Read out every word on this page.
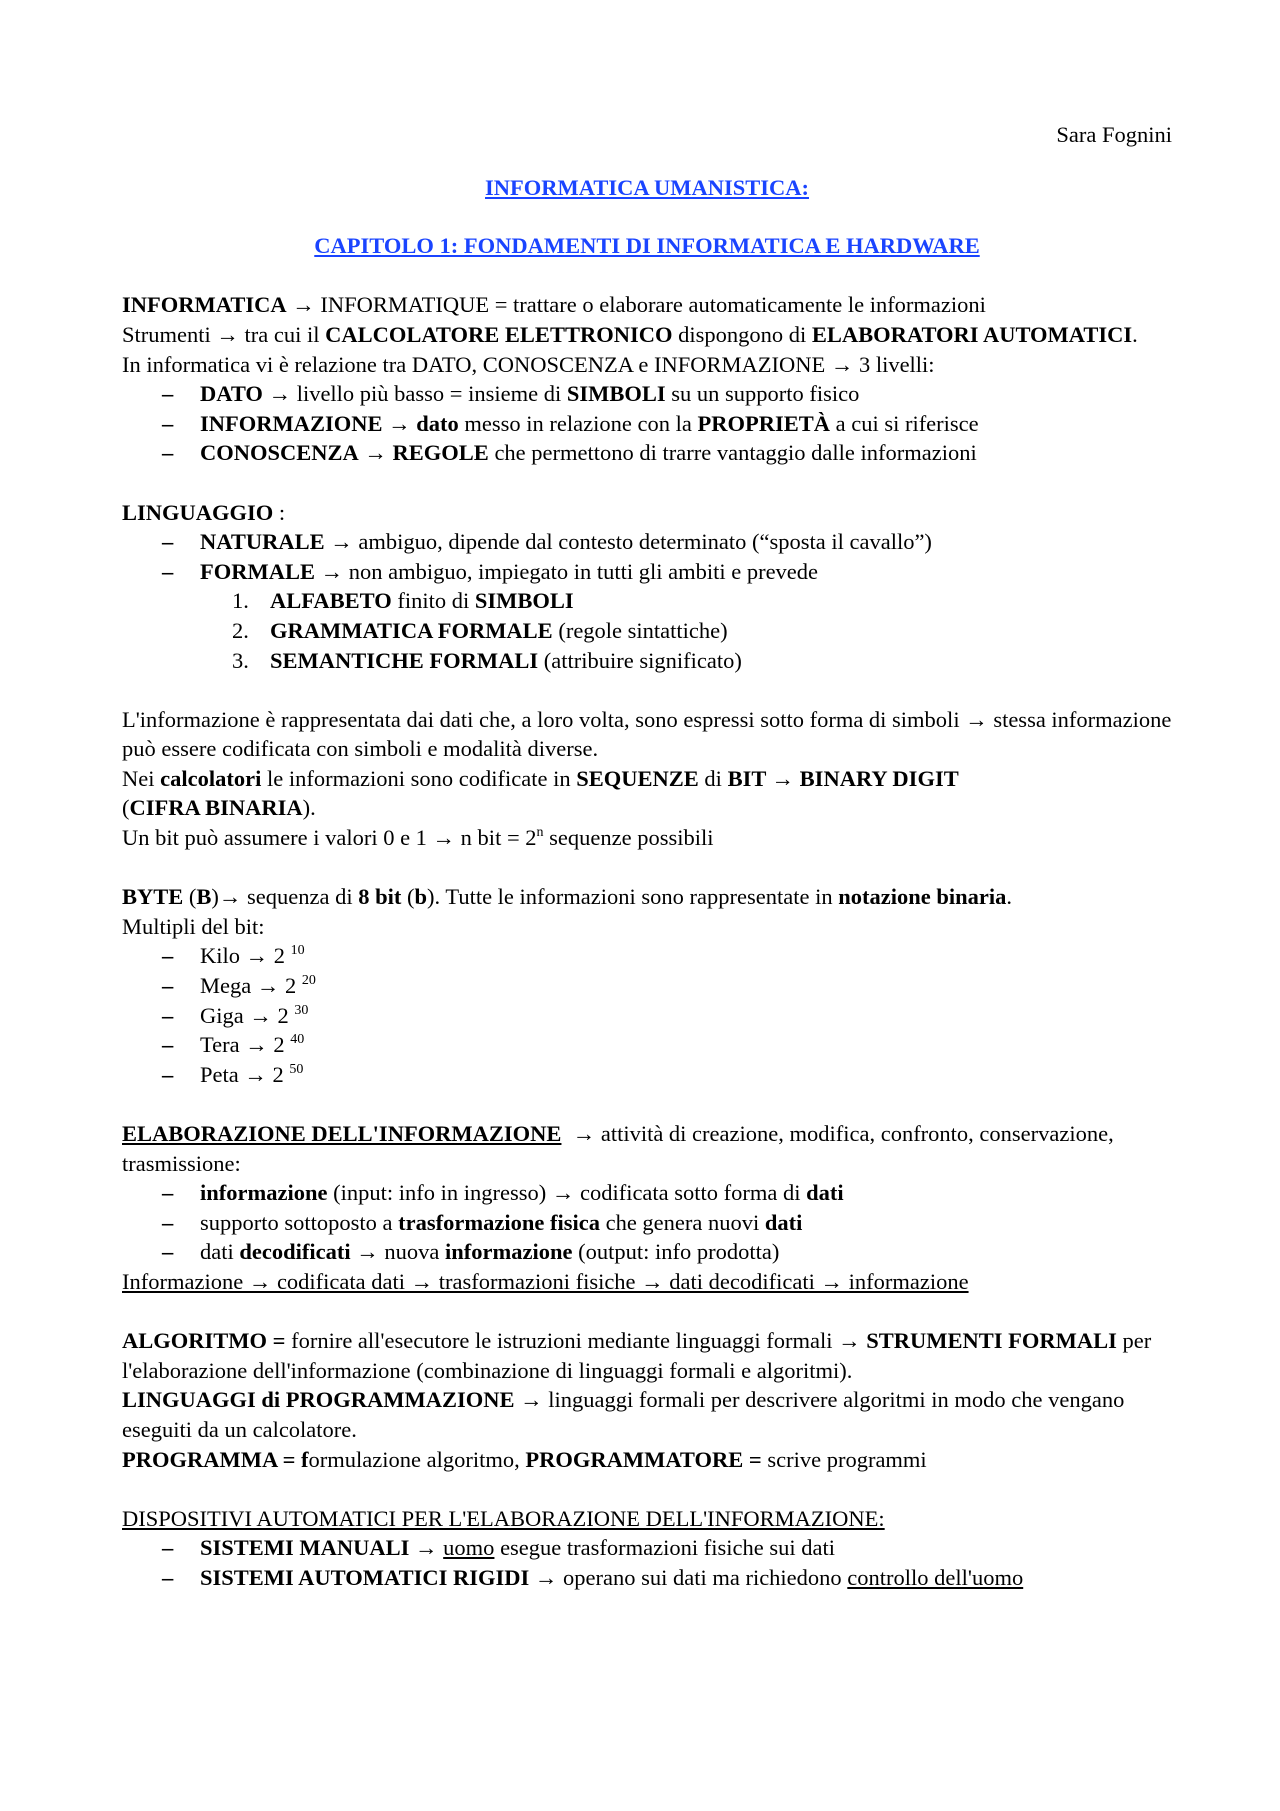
Sara Fognini
INFORMATICA UMANISTICA:
CAPITOLO 1: FONDAMENTI DI INFORMATICA E HARDWARE

INFORMATICA → INFORMATIQUE = trattare o elaborare automaticamente le informazioni

Strumenti → tra cui il CALCOLATORE ELETTRONICO dispongono di ELABORATORI AUTOMATICI.

In informatica vi è relazione tra DATO, CONOSCENZA e INFORMAZIONE → 3 livelli:

– DATO → livello più basso = insieme di SIMBOLI su un supporto fisico
– INFORMAZIONE → dato messo in relazione con la PROPRIETÀ a cui si riferisce
– CONOSCENZA → REGOLE che permettono di trarre vantaggio dalle informazioni

LINGUAGGIO :

– NATURALE → ambiguo, dipende dal contesto determinato (“sposta il cavallo”)
– FORMALE → non ambiguo, impiegato in tutti gli ambiti e prevede
1. ALFABETO finito di SIMBOLI
2. GRAMMATICA FORMALE (regole sintattiche)
3. SEMANTICHE FORMALI (attribuire significato)

L'informazione è rappresentata dai dati che, a loro volta, sono espressi sotto forma di simboli → stessa informazione può essere codificata con simboli e modalità diverse.

Nei calcolatori le informazioni sono codificate in SEQUENZE di BIT → BINARY DIGIT
(CIFRA BINARIA).

Un bit può assumere i valori 0 e 1 → n bit = $2^n$ sequenze possibili

BYTE (B)→ sequenza di 8 bit (b). Tutte le informazioni sono rappresentate in notazione binaria.

Multipli del bit:

– Kilo → 2 $^{10}$
– Mega → 2 $^{20}$
– Giga → 2 $^{30}$
– Tera → 2 $^{40}$
– Peta → 2 $^{50}$

ELABORAZIONE DELL'INFORMAZIONE  → attività di creazione, modifica, confronto, conservazione, trasmissione:

– informazione (input: info in ingresso) → codificata sotto forma di dati
– supporto sottoposto a trasformazione fisica che genera nuovi dati
– dati decodificati → nuova informazione (output: info prodotta)

Informazione → codificata dati → trasformazioni fisiche → dati decodificati → informazione

ALGORITMO = fornire all'esecutore le istruzioni mediante linguaggi formali → STRUMENTI FORMALI per l'elaborazione dell'informazione (combinazione di linguaggi formali e algoritmi).

LINGUAGGI di PROGRAMMAZIONE → linguaggi formali per descrivere algoritmi in modo che vengano eseguiti da un calcolatore.

PROGRAMMA = formulazione algoritmo, PROGRAMMATORE = scrive programmi

DISPOSITIVI AUTOMATICI PER L'ELABORAZIONE DELL'INFORMAZIONE:

– SISTEMI MANUALI → uomo esegue trasformazioni fisiche sui dati
– SISTEMI AUTOMATICI RIGIDI → operano sui dati ma richiedono controllo dell'uomo
